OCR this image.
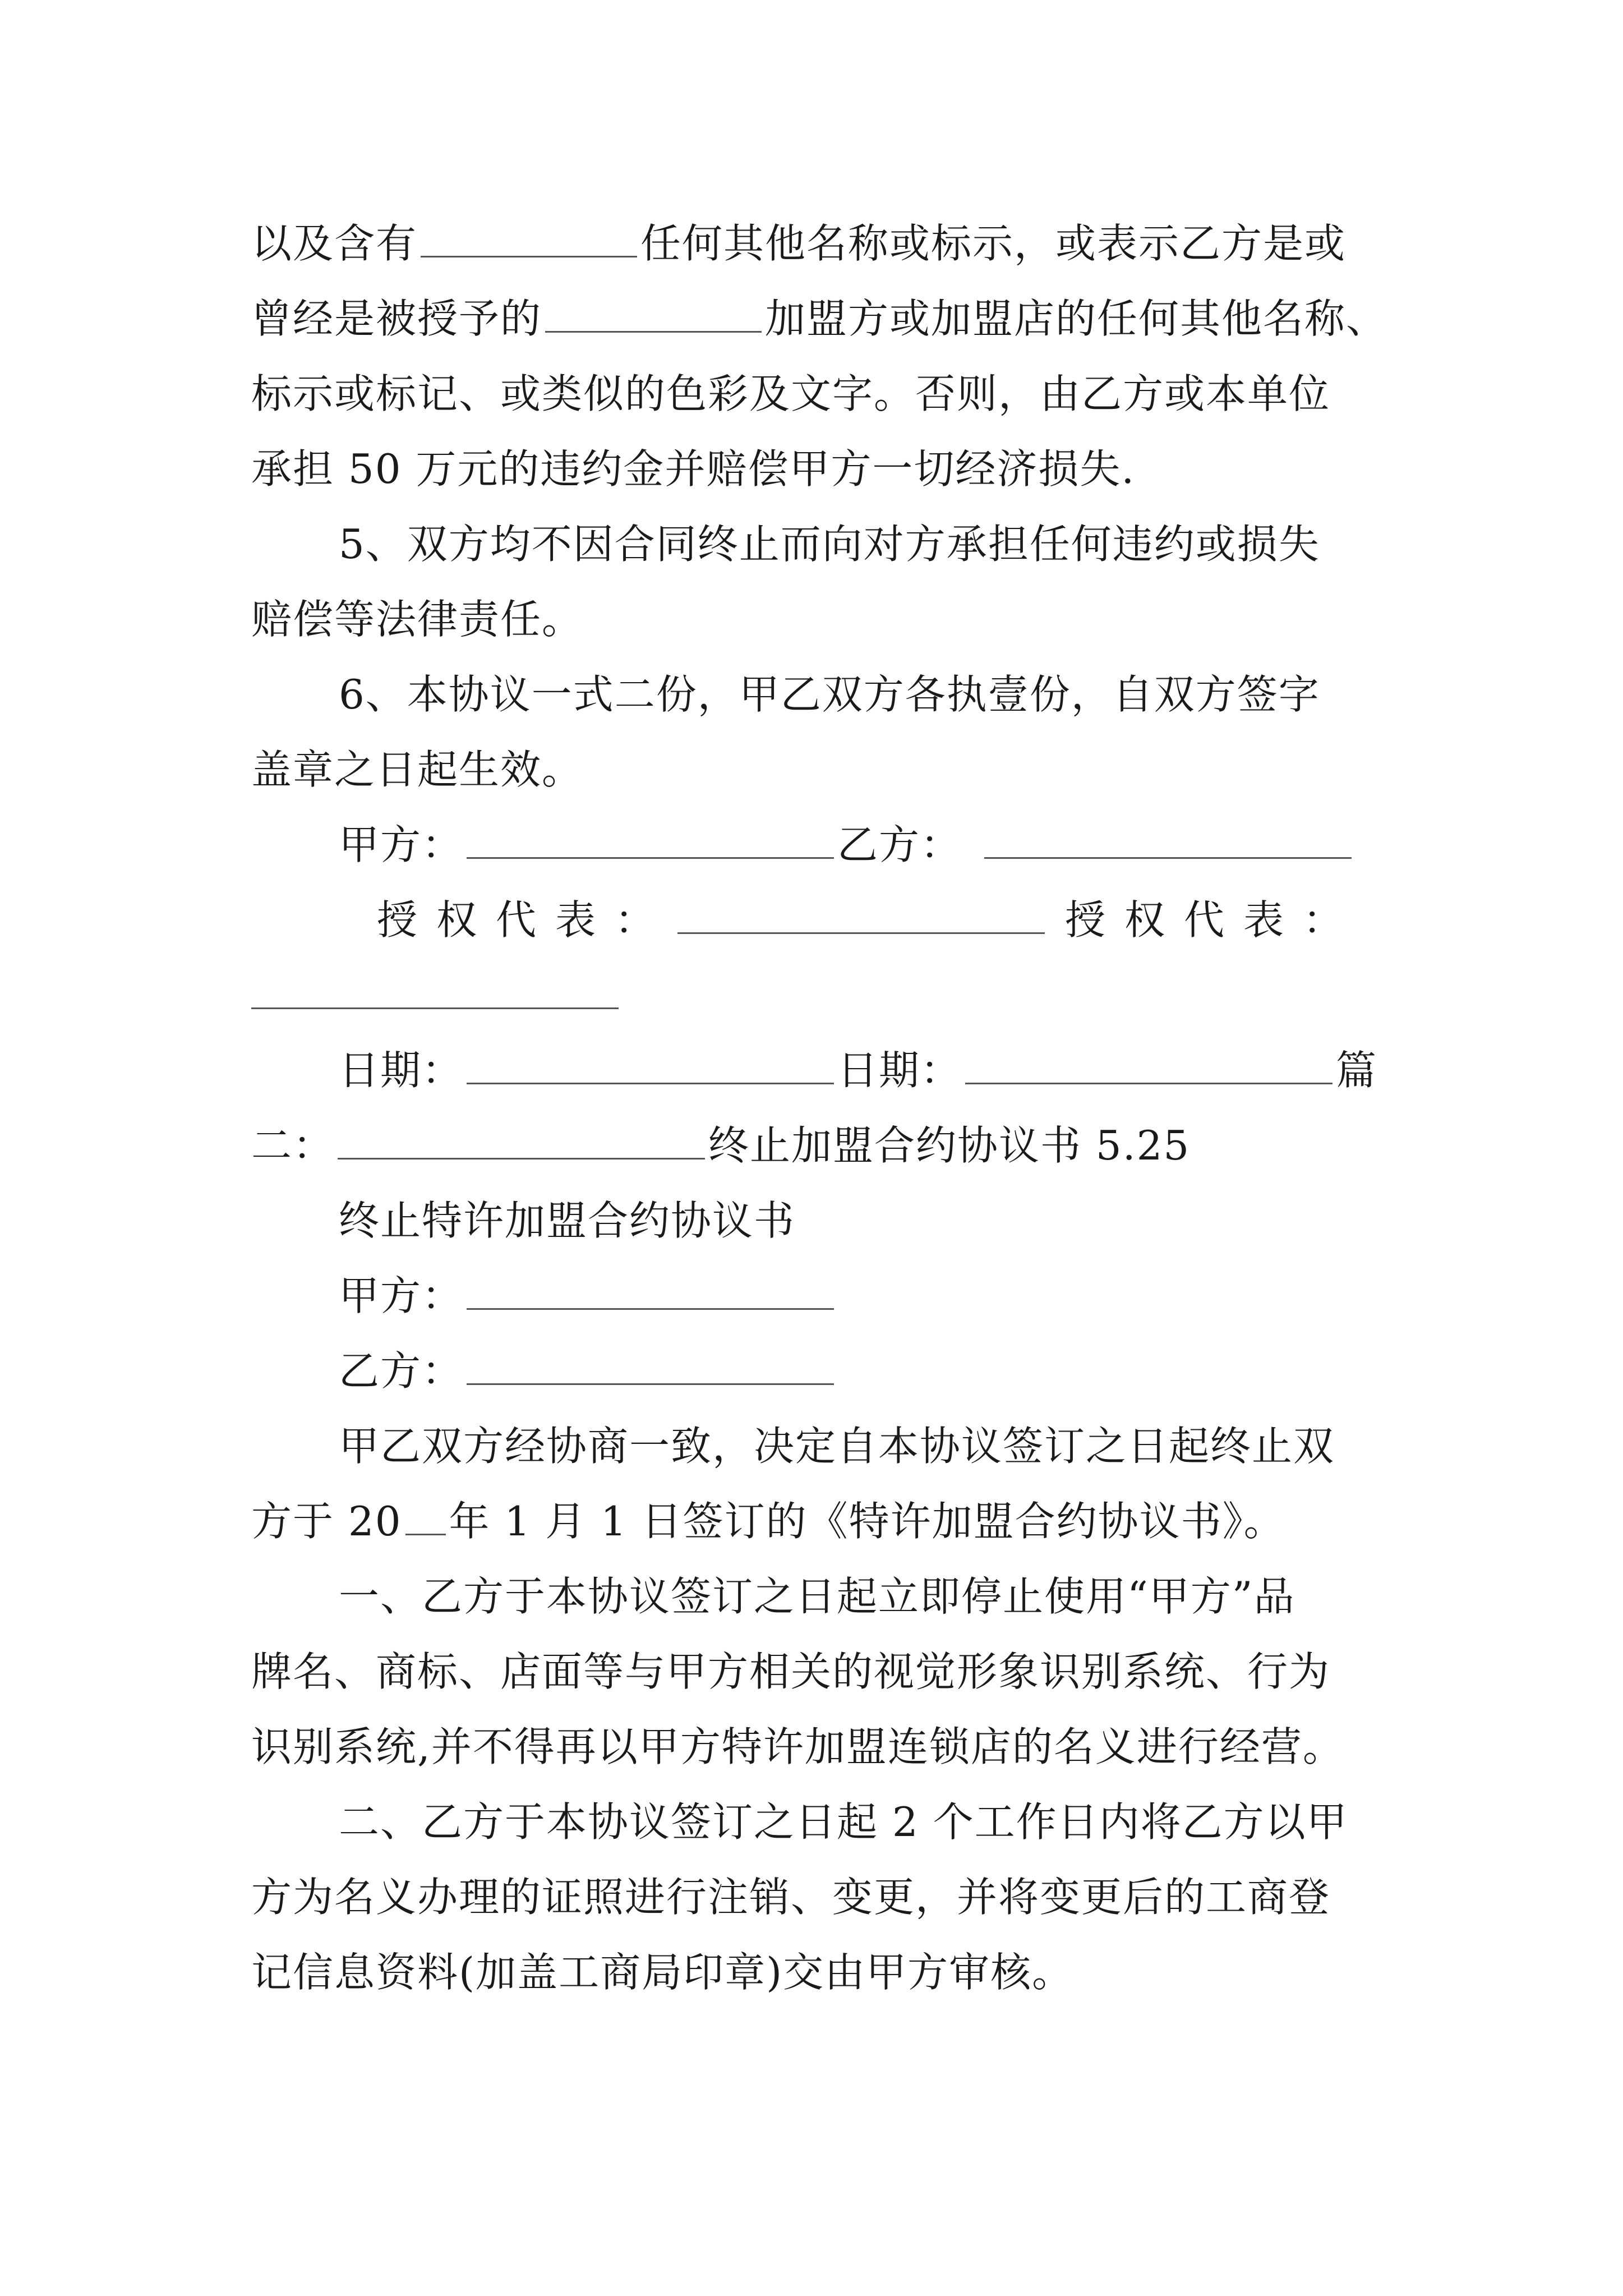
以及含有	任何其他名称或标示，或表示乙方是或
曾经是被授予的	加盟方或加盟店的任何其他名称、
标示或标记、或类似的色彩及文字。否则，由乙方或本单位
承担 50 万元的违约金并赔偿甲方一切经济损失.
5、双方均不因合同终止而向对方承担任何违约或损失
赔偿等法律责任。
6、本协议一式二份，甲乙双方各执壹份，自双方签字
盖章之日起生效。
甲方：	乙方：
授权代表：	授权代表：
日期：	日期：	篇
二：	终止加盟合约协议书 5.25
终止特许加盟合约协议书
甲方：
乙方：
甲乙双方经协商一致，决定自本协议签订之日起终止双
方于 20 年 1 月 1 日签订的《特许加盟合约协议书》。
一、乙方于本协议签订之日起立即停止使用“甲方”品
牌名、商标、店面等与甲方相关的视觉形象识别系统、行为
识别系统,并不得再以甲方特许加盟连锁店的名义进行经营。
二、乙方于本协议签订之日起 2 个工作日内将乙方以甲
方为名义办理的证照进行注销、变更，并将变更后的工商登
记信息资料(加盖工商局印章)交由甲方审核。
